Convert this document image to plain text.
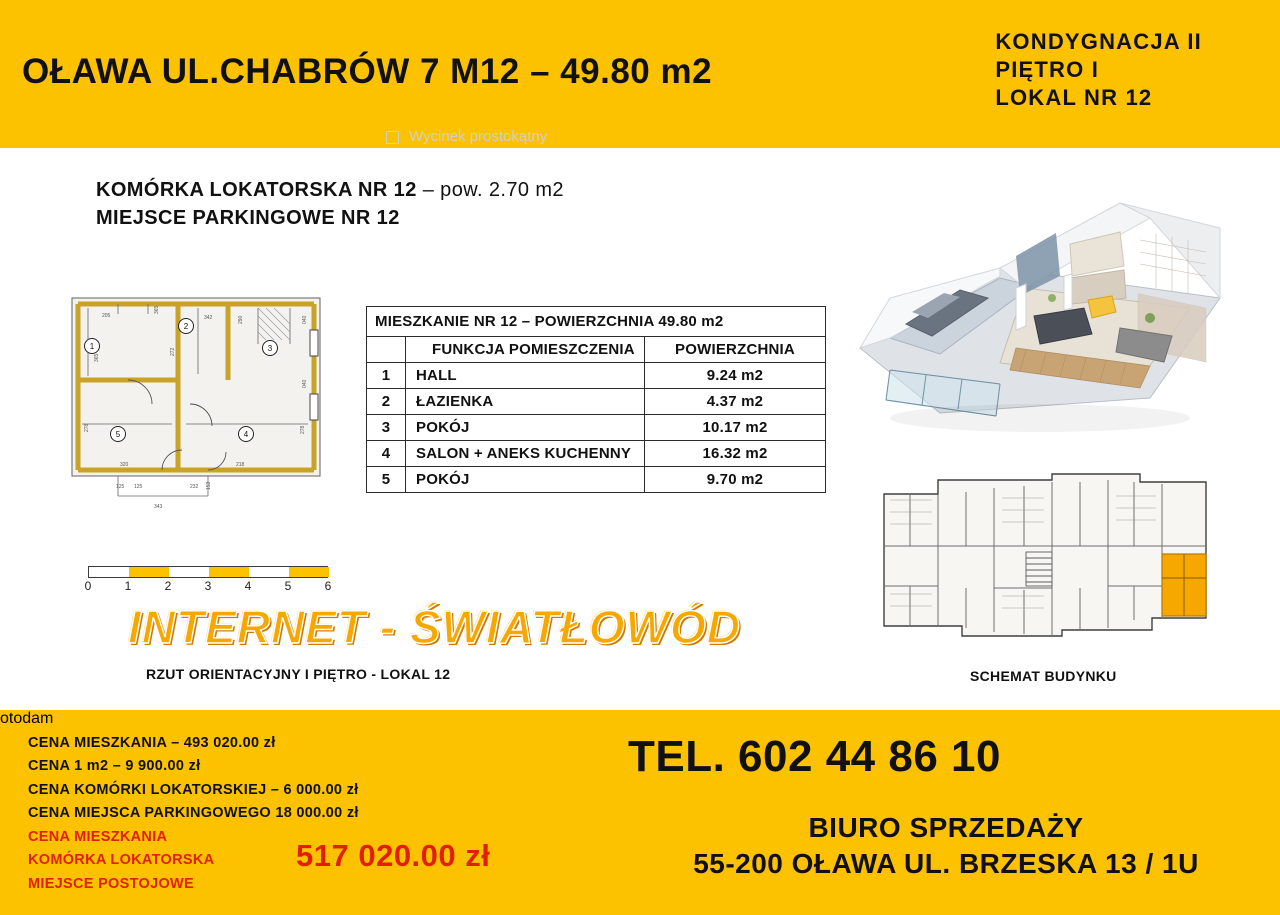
OŁAWA UL.CHABRÓW 7 M12 – 49.80 m2
KONDYGNACJA II
PIĘTRO I
LOKAL NR 12
Wycinek prostokątny
KOMÓRKA LOKATORSKA NR 12 – pow. 2.70 m2
MIEJSCE PARKINGOWE NR 12
1
2
3
4
5
205
365
342	290	040
365
272
040
278	278
320	218
125 125	232 153
343
0	1	2	3	4	5	6
INTERNET - ŚWIATŁOWÓD
RZUT ORIENTACYJNY I PIĘTRO - LOKAL 12
MIESZKANIE NR 12 – POWIERZCHNIA 49.80 m2		
	FUNKCJA POMIESZCZENIA	POWIERZCHNIA
1	HALL	9.24 m2
2	ŁAZIENKA	4.37 m2
3	POKÓJ	10.17 m2
4	SALON + ANEKS KUCHENNY	16.32 m2
5	POKÓJ	9.70 m2
SCHEMAT BUDYNKU
CENA MIESZKANIA – 493 020.00 zł
CENA 1 m2 – 9 900.00 zł
CENA KOMÓRKI LOKATORSKIEJ – 6 000.00 zł
CENA MIEJSCA PARKINGOWEGO 18 000.00 zł
CENA MIESZKANIA
KOMÓRKA LOKATORSKA
MIEJSCE POSTOJOWE
517 020.00 zł
TEL. 602 44 86 10
BIURO SPRZEDAŻY
55-200 OŁAWA UL. BRZESKA 13 / 1U
otodam
